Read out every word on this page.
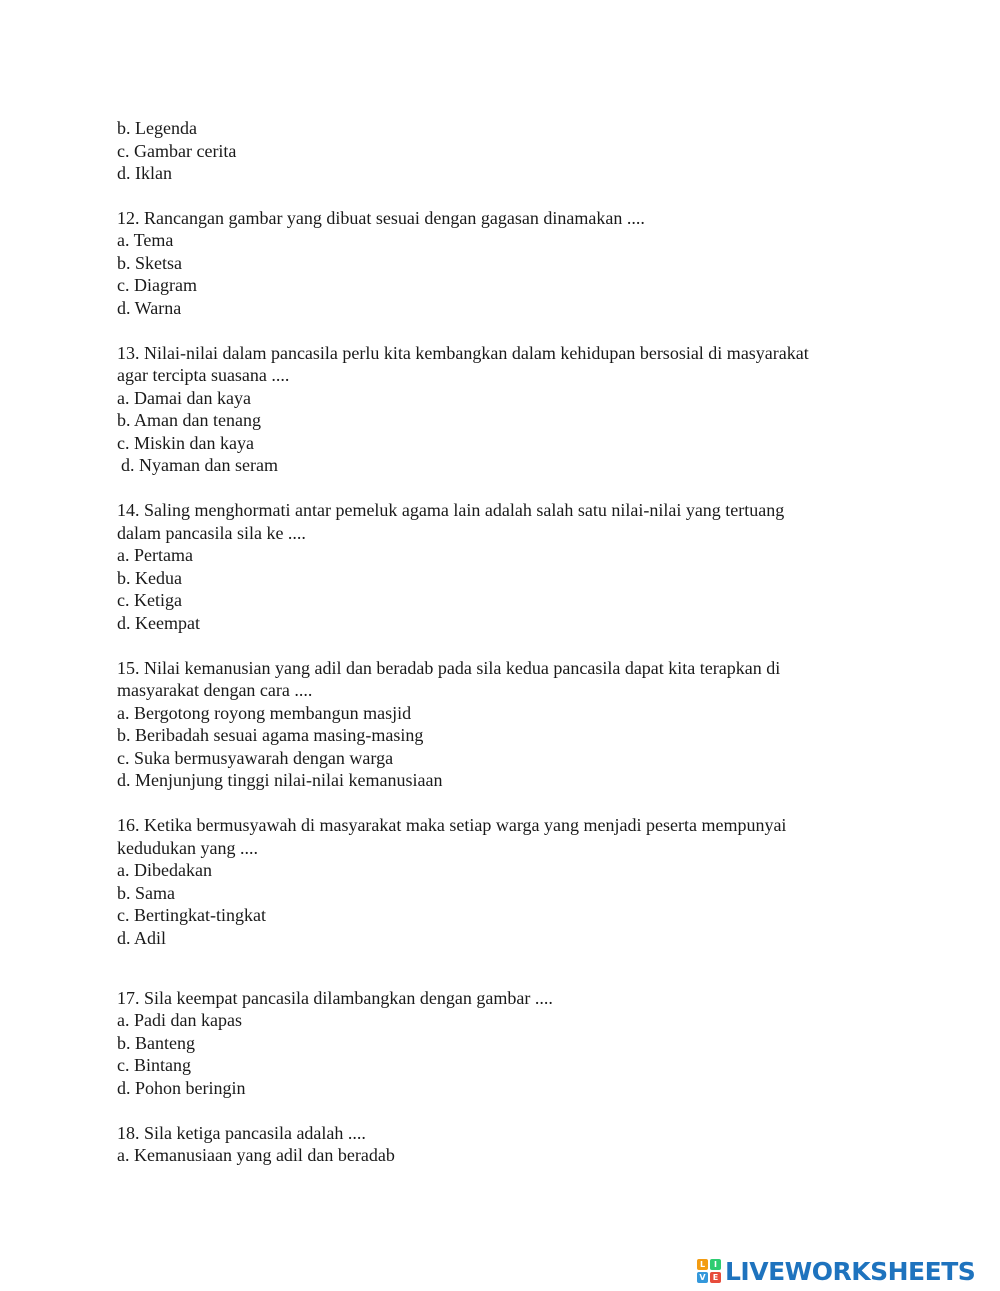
b. Legenda
c. Gambar cerita
d. Iklan
12. Rancangan gambar yang dibuat sesuai dengan gagasan dinamakan ....
a. Tema
b. Sketsa
c. Diagram
d. Warna
13. Nilai-nilai dalam pancasila perlu kita kembangkan dalam kehidupan bersosial di masyarakat
agar tercipta suasana ....
a. Damai dan kaya
b. Aman dan tenang
c. Miskin dan kaya
d. Nyaman dan seram
14. Saling menghormati antar pemeluk agama lain adalah salah satu nilai-nilai yang tertuang
dalam pancasila sila ke ....
a. Pertama
b. Kedua
c. Ketiga
d. Keempat
15. Nilai kemanusian yang adil dan beradab pada sila kedua pancasila dapat kita terapkan di
masyarakat dengan cara ....
a. Bergotong royong membangun masjid
b. Beribadah sesuai agama masing-masing
c. Suka bermusyawarah dengan warga
d. Menjunjung tinggi nilai-nilai kemanusiaan
16. Ketika bermusyawah di masyarakat maka setiap warga yang menjadi peserta mempunyai
kedudukan yang ....
a. Dibedakan
b. Sama
c. Bertingkat-tingkat
d. Adil
17. Sila keempat pancasila dilambangkan dengan gambar ....
a. Padi dan kapas
b. Banteng
c. Bintang
d. Pohon beringin
18. Sila ketiga pancasila adalah ....
a. Kemanusiaan yang adil dan beradab
L	I
V E LIVEWORKSHEETS
